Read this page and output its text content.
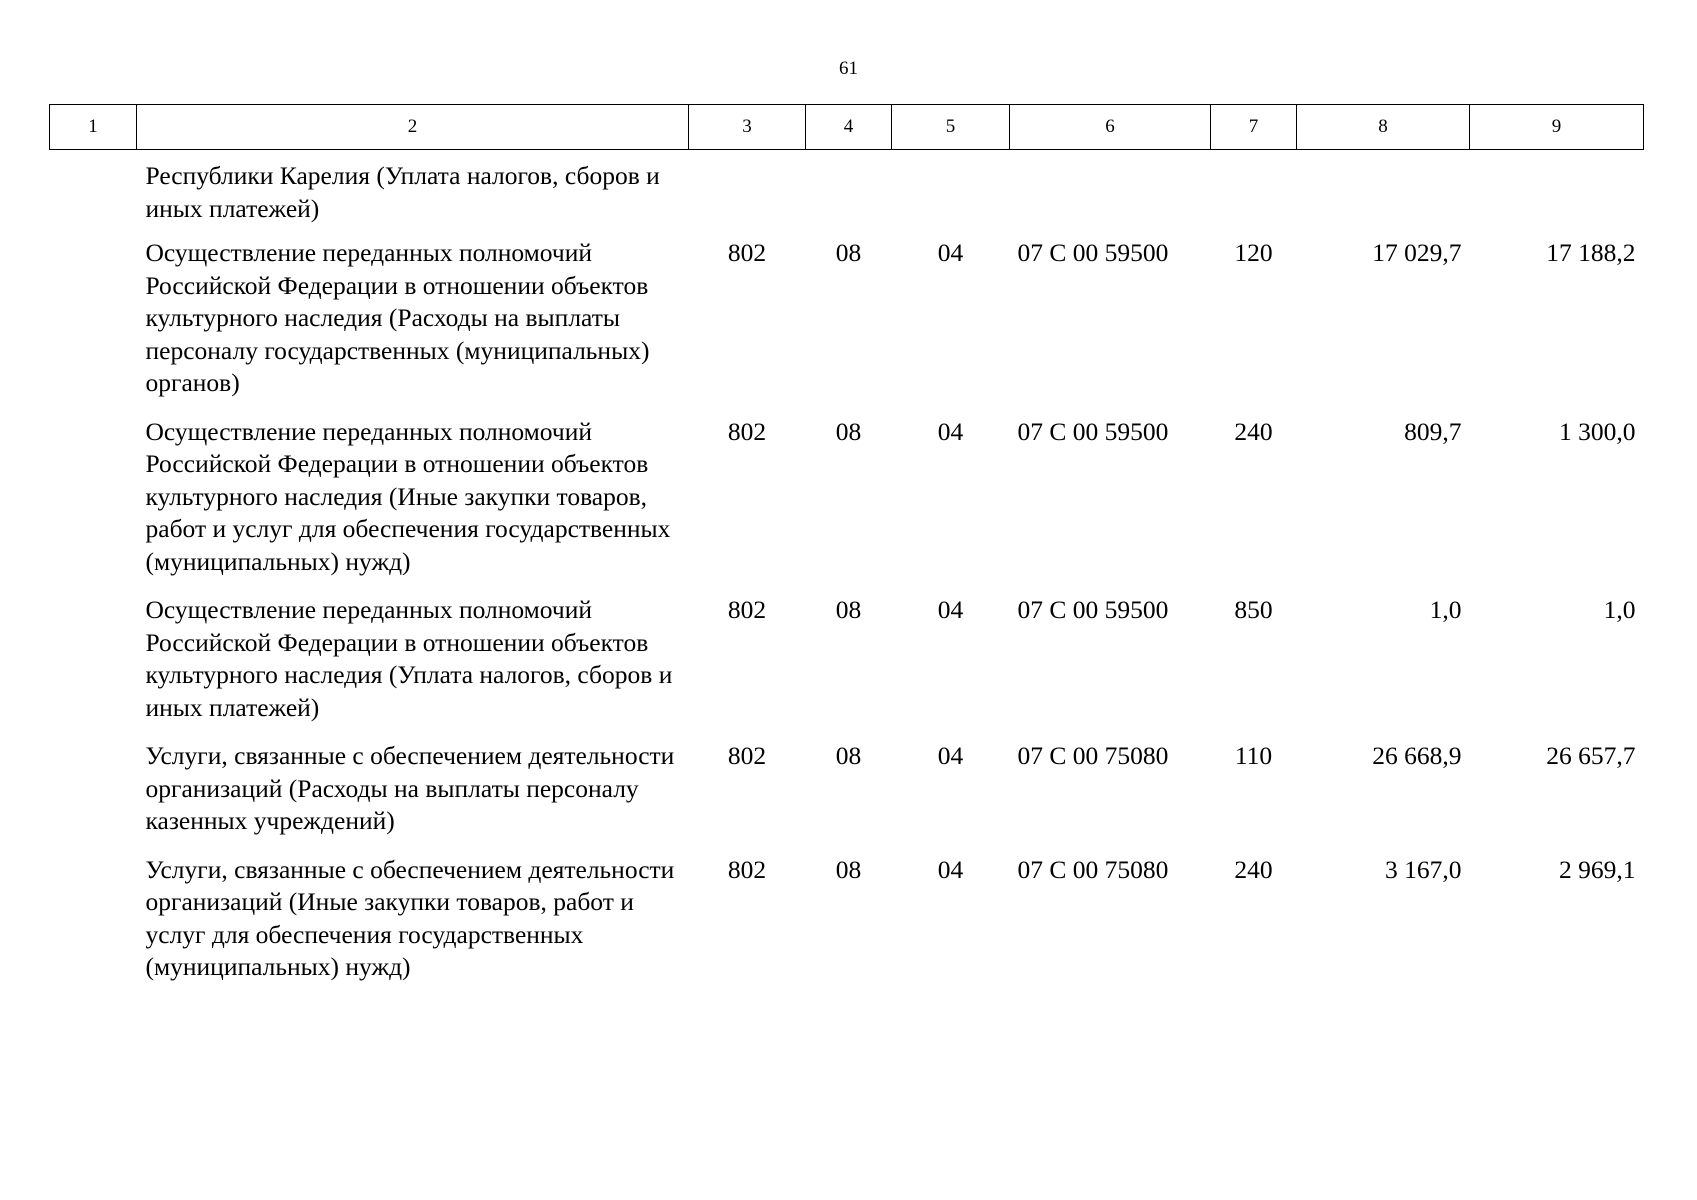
61
1	2	3	4	5	6	7	8	9
	Республики Карелия (Уплата налогов, сборов и иных платежей)							
	Осуществление переданных полномочий Российской Федерации в отношении объектов культурного наследия (Расходы на выплаты персоналу государственных (муниципальных) органов)	802	08	04	07 С 00 59500	120	17 029,7	17 188,2
	Осуществление переданных полномочий Российской Федерации в отношении объектов культурного наследия (Иные закупки товаров, работ и услуг для обеспечения государственных (муниципальных) нужд)	802	08	04	07 С 00 59500	240	809,7	1 300,0
	Осуществление переданных полномочий Российской Федерации в отношении объектов культурного наследия (Уплата налогов, сборов и иных платежей)	802	08	04	07 С 00 59500	850	1,0	1,0
	Услуги, связанные с обеспечением деятельности организаций (Расходы на выплаты персоналу казенных учреждений)	802	08	04	07 С 00 75080	110	26 668,9	26 657,7
	Услуги, связанные с обеспечением деятельности организаций (Иные закупки товаров, работ и услуг для обеспечения государственных (муниципальных) нужд)	802	08	04	07 С 00 75080	240	3 167,0	2 969,1
